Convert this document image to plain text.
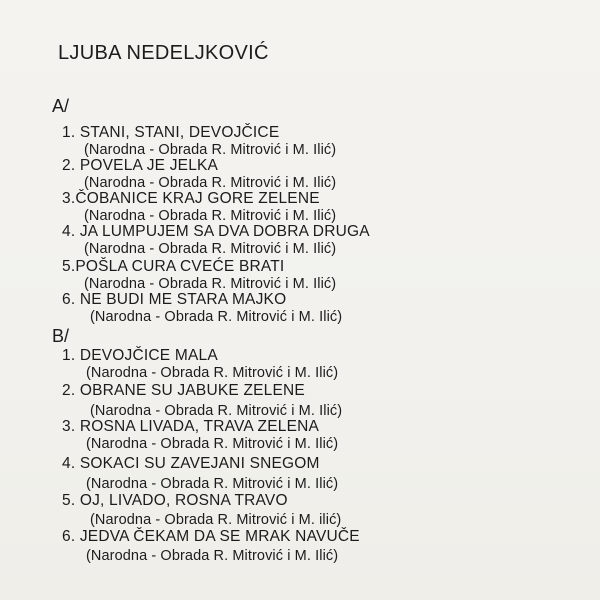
LJUBA NEDELJKOVIĆ
A/
1. STANI, STANI, DEVOJČICE
(Narodna - Obrada R. Mitrović i M. Ilić)
2. POVELA JE JELKA
(Narodna - Obrada R. Mitrović i M. Ilić)
3.ČOBANICE KRAJ GORE ZELENE
(Narodna - Obrada R. Mitrović i M. Ilić)
4. JA LUMPUJEM SA DVA DOBRA DRUGA
(Narodna - Obrada R. Mitrović i M. Ilić)
5.POŠLA CURA CVEĆE BRATI
(Narodna - Obrada R. Mitrović i M. Ilić)
6. NE BUDI ME STARA MAJKO
(Narodna - Obrada R. Mitrović i M. Ilić)
B/
1. DEVOJČICE MALA
(Narodna - Obrada R. Mitrović i M. Ilić)
2. OBRANE SU JABUKE ZELENE
(Narodna - Obrada R. Mitrović i M. Ilić)
3. ROSNA LIVADA, TRAVA ZELENA
(Narodna - Obrada R. Mitrović i M. Ilić)
4. SOKACI SU ZAVEJANI SNEGOM
(Narodna - Obrada R. Mitrović i M. Ilić)
5. OJ, LIVADO, ROSNA TRAVO
(Narodna - Obrada R. Mitrović i M. ilić)
6. JEDVA ČEKAM DA SE MRAK NAVUČE
(Narodna - Obrada R. Mitrović i M. Ilić)
